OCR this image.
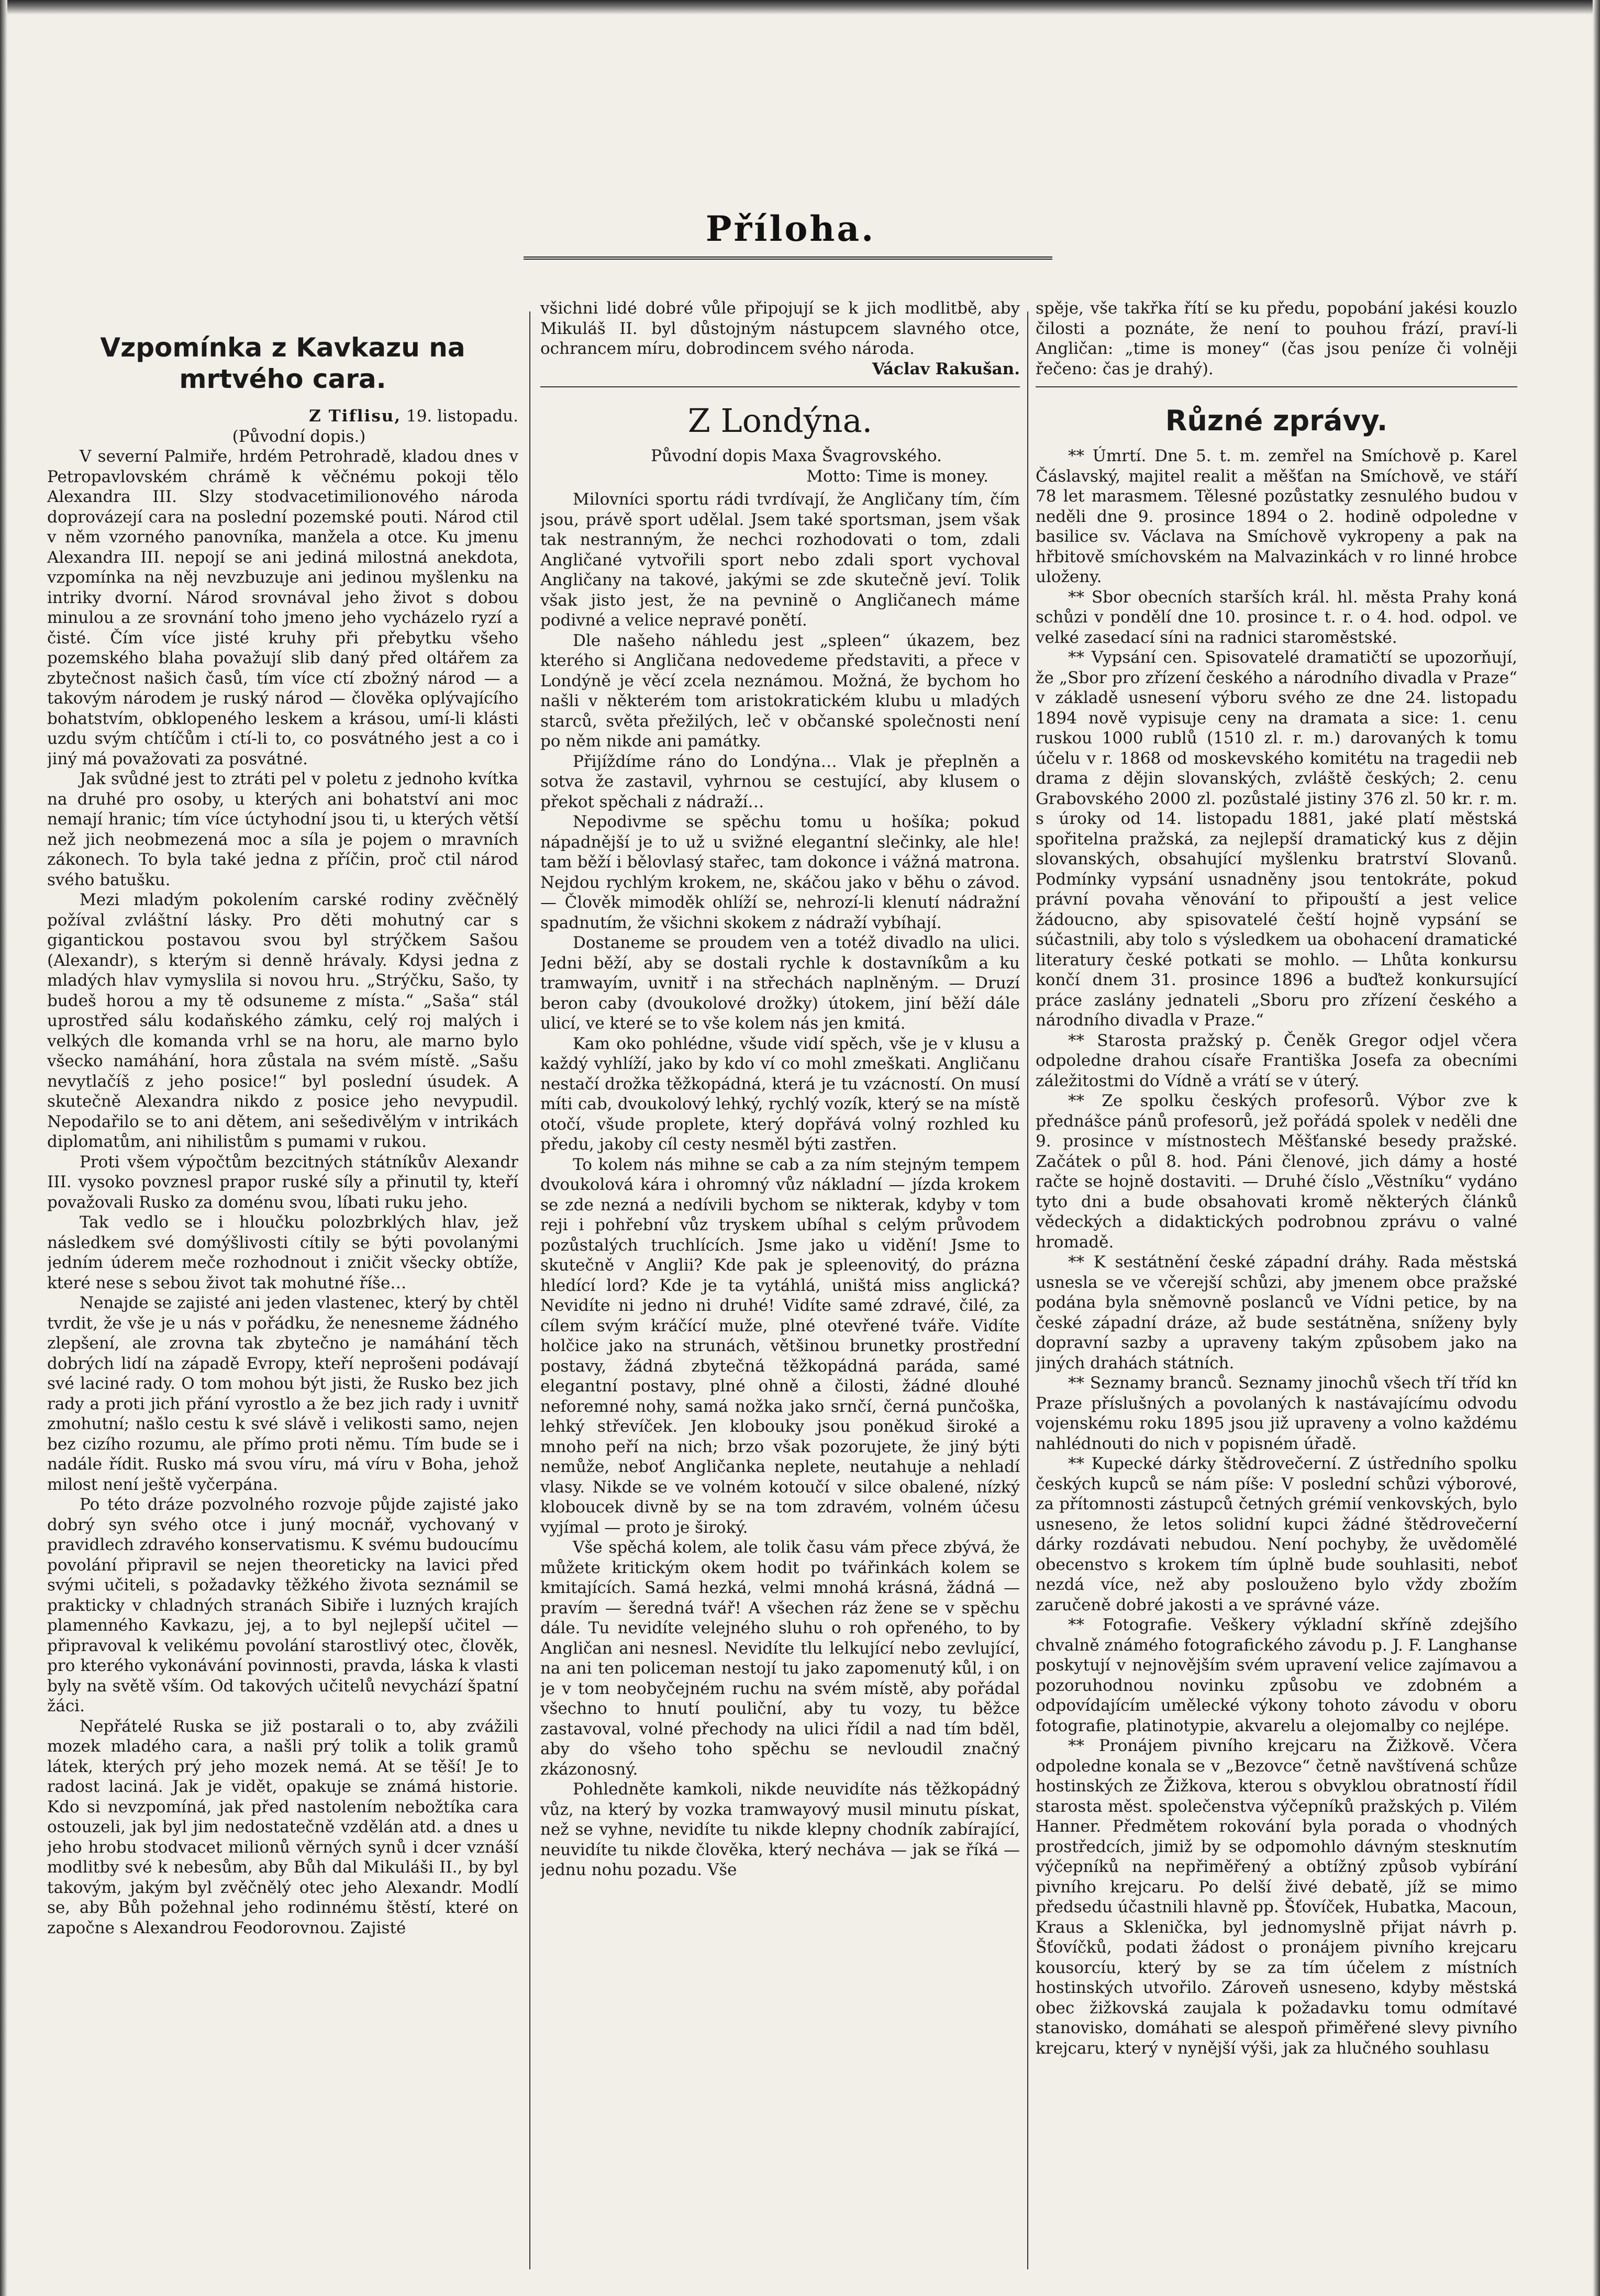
Příloha.
Vzpomínka z Kavkazu na mrtvého cara.

Z Tiflisu, 19. listopadu.

(Původní dopis.)

V severní Palmiře, hrdém Petrohradě, kladou dnes v Petropavlovském chrámě k věčnému pokoji tělo Alexandra III. Slzy stodvacetimilionového národa doprovázejí cara na poslední pozemské pouti. Národ ctil v něm vzorného panovníka, manžela a otce. Ku jmenu Alexandra III. nepojí se ani jediná milostná anekdota, vzpomínka na něj nevzbuzuje ani jedinou myšlenku na intriky dvorní. Národ srovnával jeho život s dobou minulou a ze srovnání toho jmeno jeho vycházelo ryzí a čisté. Čím více jisté kruhy při přebytku všeho pozemského blaha považují slib daný před oltářem za zbytečnost našich časů, tím více ctí zbožný národ — a takovým národem je ruský národ — člověka oplývajícího bohatstvím, obklopeného leskem a krásou, umí-li klásti uzdu svým chtíčům i ctí-li to, co posvátného jest a co i jiný má považovati za posvátné.

Jak svůdné jest to ztráti pel v poletu z jednoho kvítka na druhé pro osoby, u kterých ani bohatství ani moc nemají hranic; tím více úctyhodní jsou ti, u kterých větší než jich neobmezená moc a síla je pojem o mravních zákonech. To byla také jedna z příčin, proč ctil národ svého batušku.

Mezi mladým pokolením carské rodiny zvěčnělý požíval zvláštní lásky. Pro děti mohutný car s gigantickou postavou svou byl strýčkem Sašou (Alexandr), s kterým si denně hrávaly. Kdysi jedna z mladých hlav vymyslila si novou hru. „Strýčku, Sašo, ty budeš horou a my tě odsuneme z místa.“ „Saša“ stál uprostřed sálu kodaňského zámku, celý roj malých i velkých dle komanda vrhl se na horu, ale marno bylo všecko namáhání, hora zůstala na svém místě. „Sašu nevytlačíš z jeho posice!“ byl poslední úsudek. A skutečně Alexandra nikdo z posice jeho nevypudil. Nepodařilo se to ani dětem, ani sešedivělým v intrikách diplomatům, ani nihilistům s pumami v rukou.

Proti všem výpočtům bezcitných státníkův Alexandr III. vysoko povznesl prapor ruské síly a přinutil ty, kteří považovali Rusko za doménu svou, líbati ruku jeho.

Tak vedlo se i hloučku polozbrklých hlav, jež následkem své domýšlivosti cítily se býti povolanými jedním úderem meče rozhodnout i zničit všecky obtíže, které nese s sebou život tak mohutné říše…

Nenajde se zajisté ani jeden vlastenec, který by chtěl tvrdit, že vše je u nás v pořádku, že nenesneme žádného zlepšení, ale zrovna tak zbytečno je namáhání těch dobrých lidí na západě Evropy, kteří neprošeni podávají své laciné rady. O tom mohou být jisti, že Rusko bez jich rady a proti jich přání vyrostlo a že bez jich rady i uvnitř zmohutní; našlo cestu k své slávě i velikosti samo, nejen bez cizího rozumu, ale přímo proti němu. Tím bude se i nadále řídit. Rusko má svou víru, má víru v Boha, jehož milost není ještě vyčerpána.

Po této dráze pozvolného rozvoje půjde zajisté jako dobrý syn svého otce i juný mocnář, vychovaný v pravidlech zdravého konservatismu. K svému budoucímu povolání připravil se nejen theoreticky na lavici před svými učiteli, s požadavky těžkého života seznámil se prakticky v chladných stranách Sibiře i luzných krajích plamenného Kavkazu, jej, a to byl nejlepší učitel — připravoval k velikému povolání starostlivý otec, člověk, pro kterého vykonávání povinnosti, pravda, láska k vlasti byly na světě vším. Od takových učitelů nevychází špatní žáci.

Nepřátelé Ruska se již postarali o to, aby zvážili mozek mladého cara, a našli prý tolik a tolik gramů látek, kterých prý jeho mozek nemá. At se těší! Je to radost laciná. Jak je vidět, opakuje se známá historie. Kdo si nevzpomíná, jak před nastolením nebožtíka cara ostouzeli, jak byl jim nedostatečně vzdělán atd. a dnes u jeho hrobu stodvacet milionů věrných synů i dcer vznáší modlitby své k nebesům, aby Bůh dal Mikuláši II., by byl takovým, jakým byl zvěčnělý otec jeho Alexandr. Modlí se, aby Bůh požehnal jeho rodinnému štěstí, které on započne s Alexandrou Feodorovnou. Zajisté

všichni lidé dobré vůle připojují se k jich modlitbě, aby Mikuláš II. byl důstojným nástupcem slavného otce, ochrancem míru, dobrodincem svého národa.

Václav Rakušan.

Z Londýna.

Původní dopis Maxa Švagrovského.

Motto: Time is money.

Milovníci sportu rádi tvrdívají, že Angličany tím, čím jsou, právě sport udělal. Jsem také sportsman, jsem však tak nestranným, že nechci rozhodovati o tom, zdali Angličané vytvořili sport nebo zdali sport vychoval Angličany na takové, jakými se zde skutečně jeví. Tolik však jisto jest, že na pevnině o Angličanech máme podivné a velice nepravé ponětí.

Dle našeho náhledu jest „spleen“ úkazem, bez kterého si Angličana nedovedeme představiti, a přece v Londýně je věcí zcela neznámou. Možná, že bychom ho našli v některém tom aristokratickém klubu u mladých starců, světa přežilých, leč v občanské společnosti není po něm nikde ani památky.

Přijíždíme ráno do Londýna… Vlak je přeplněn a sotva že zastavil, vyhrnou se cestující, aby klusem o překot spěchali z nádraží…

Nepodivme se spěchu tomu u hošíka; pokud nápadnější je to už u svižné elegantní slečinky, ale hle! tam běží i bělovlasý stařec, tam dokonce i vážná matrona. Nejdou rychlým krokem, ne, skáčou jako v běhu o závod. — Člověk mimoděk ohlíží se, nehrozí-li klenutí nádražní spadnutím, že všichni skokem z nádraží vybíhají.

Dostaneme se proudem ven a totéž divadlo na ulici. Jedni běží, aby se dostali rychle k dostavníkům a ku tramwayím, uvnitř i na střechách naplněným. — Druzí beron caby (dvoukolové drožky) útokem, jiní běží dále ulicí, ve které se to vše kolem nás jen kmitá.

Kam oko pohlédne, všude vidí spěch, vše je v klusu a každý vyhlíží, jako by kdo ví co mohl zmeškati. Angličanu nestačí drožka těžkopádná, která je tu vzácností. On musí míti cab, dvoukolový lehký, rychlý vozík, který se na místě otočí, všude proplete, který dopřává volný rozhled ku předu, jakoby cíl cesty nesměl býti zastřen.

To kolem nás mihne se cab a za ním stejným tempem dvoukolová kára i ohromný vůz nákladní — jízda krokem se zde nezná a nedívili bychom se nikterak, kdyby v tom reji i pohřební vůz tryskem ubíhal s celým průvodem pozůstalých truchlících. Jsme jako u vidění! Jsme to skutečně v Anglii? Kde pak je spleenovitý, do prázna hledící lord? Kde je ta vytáhlá, uništá miss anglická? Nevidíte ni jedno ni druhé! Vidíte samé zdravé, čilé, za cílem svým kráčící muže, plné otevřené tváře. Vidíte holčice jako na strunách, většinou brunetky prostřední postavy, žádná zbytečná těžkopádná paráda, samé elegantní postavy, plné ohně a čilosti, žádné dlouhé neforemné nohy, samá nožka jako srnčí, černá punčoška, lehký střevíček. Jen klobouky jsou poněkud široké a mnoho peří na nich; brzo však pozorujete, že jiný býti nemůže, neboť Angličanka neplete, neutahuje a nehladí vlasy. Nikde se ve volném kotoučí v silce obalené, nízký kloboucek divně by se na tom zdravém, volném účesu vyjímal — proto je široký.

Vše spěchá kolem, ale tolik času vám přece zbývá, že můžete kritickým okem hodit po tvářinkách kolem se kmitajících. Samá hezká, velmi mnohá krásná, žádná — pravím — šeredná tvář! A všechen ráz žene se v spěchu dále. Tu nevidíte velejného sluhu o roh opřeného, to by Angličan ani nesnesl. Nevidíte tlu lelkující nebo zevlující, na ani ten policeman nestojí tu jako zapomenutý kůl, i on je v tom neobyčejném ruchu na svém místě, aby pořádal všechno to hnutí pouliční, aby tu vozy, tu běžce zastavoval, volné přechody na ulici řídil a nad tím bděl, aby do všeho toho spěchu se nevloudil značný zkázonosný.

Pohledněte kamkoli, nikde neuvidíte nás těžkopádný vůz, na který by vozka tramwayový musil minutu pískat, než se vyhne, nevidíte tu nikde klepny chodník zabírající, neuvidíte tu nikde člověka, který necháva — jak se říká — jednu nohu pozadu. Vše

spěje, vše takřka řítí se ku předu, popobání jakési kouzlo čilosti a poznáte, že není to pouhou frází, praví-li Angličan: „time is money“ (čas jsou peníze či volněji řečeno: čas je drahý).

Různé zprávy.

** Úmrtí. Dne 5. t. m. zemřel na Smíchově p. Karel Čáslavský, majitel realit a měšťan na Smíchově, ve stáří 78 let marasmem. Tělesné pozůstatky zesnulého budou v neděli dne 9. prosince 1894 o 2. hodině odpoledne v basilice sv. Václava na Smíchově vykropeny a pak na hřbitově smíchovském na Malvazinkách v ro linné hrobce uloženy.

** Sbor obecních starších král. hl. města Prahy koná schůzi v pondělí dne 10. prosince t. r. o 4. hod. odpol. ve velké zasedací síni na radnici staroměstské.

** Vypsání cen. Spisovatelé dramatičtí se upozorňují, že „Sbor pro zřízení českého a národního divadla v Praze“ v základě usnesení výboru svého ze dne 24. listopadu 1894 nově vypisuje ceny na dramata a sice: 1. cenu ruskou 1000 rublů (1510 zl. r. m.) darovaných k tomu účelu v r. 1868 od moskevského komitétu na tragedii neb drama z dějin slovanských, zvláště českých; 2. cenu Grabovského 2000 zl. pozůstalé jistiny 376 zl. 50 kr. r. m. s úroky od 14. listopadu 1881, jaké platí městská spořitelna pražská, za nejlepší dramatický kus z dějin slovanských, obsahující myšlenku bratrství Slovanů. Podmínky vypsání usnadněny jsou tentokráte, pokud právní povaha věnování to připouští a jest velice žádoucno, aby spisovatelé čeští hojně vypsání se súčastnili, aby tolo s výsledkem ua obohacení dramatické literatury české potkati se mohlo. — Lhůta konkursu končí dnem 31. prosince 1896 a buďtež konkursující práce zaslány jednateli „Sboru pro zřízení českého a národního divadla v Praze.“

** Starosta pražský p. Čeněk Gregor odjel včera odpoledne drahou císaře Františka Josefa za obecními záležitostmi do Vídně a vrátí se v úterý.

** Ze spolku českých profesorů. Výbor zve k přednášce pánů profesorů, jež pořádá spolek v neděli dne 9. prosince v místnostech Měšťanské besedy pražské. Začátek o půl 8. hod. Páni členové, jich dámy a hosté račte se hojně dostaviti. — Druhé číslo „Věstníku“ vydáno tyto dni a bude obsahovati kromě některých článků vědeckých a didaktických podrobnou zprávu o valné hromadě.

** K sestátnění české západní dráhy. Rada městská usnesla se ve včerejší schůzi, aby jmenem obce pražské podána byla sněmovně poslanců ve Vídni petice, by na české západní dráze, až bude sestátněna, sníženy byly dopravní sazby a upraveny takým způsobem jako na jiných drahách státních.

** Seznamy branců. Seznamy jinochů všech tří tříd kn Praze příslušných a povolaných k nastávajícímu odvodu vojenskému roku 1895 jsou již upraveny a volno každému nahlédnouti do nich v popisném úřadě.

** Kupecké dárky štědrovečerní. Z ústředního spolku českých kupců se nám píše: V poslední schůzi výborové, za přítomnosti zástupců četných grémií venkovských, bylo usneseno, že letos solidní kupci žádné štědrovečerní dárky rozdávati nebudou. Není pochyby, že uvědomělé obecenstvo s krokem tím úplně bude souhlasiti, neboť nezdá více, než aby poslouženo bylo vždy zbožím zaručeně dobré jakosti a ve správné váze.

** Fotografie. Veškery výkladní skříně zdejšího chvalně známého fotografického závodu p. J. F. Langhanse poskytují v nejnovějším svém upravení velice zajímavou a pozoruhodnou novinku způsobu ve zdobném a odpovídajícím umělecké výkony tohoto závodu v oboru fotografie, platinotypie, akvarelu a olejomalby co nejlépe.

** Pronájem pivního krejcaru na Žižkově. Včera odpoledne konala se v „Bezovce“ četně navštívená schůze hostinských ze Žižkova, kterou s obvyklou obratností řídil starosta měst. společenstva výčepníků pražských p. Vilém Hanner. Předmětem rokování byla porada o vhodných prostředcích, jimiž by se odpomohlo dávným stesknutím výčepníků na nepřiměřený a obtížný způsob vybírání pivního krejcaru. Po delší živé debatě, jíž se mimo předsedu účastnili hlavně pp. Šťovíček, Hubatka, Macoun, Kraus a Sklenička, byl jednomyslně přijat návrh p. Šťovíčků, podati žádost o pronájem pivního krejcaru kousorcíu, který by se za tím účelem z místních hostinských utvořilo. Zároveň usneseno, kdyby městská obec žižkovská zaujala k požadavku tomu odmítavé stanovisko, domáhati se alespoň přiměřené slevy pivního krejcaru, který v nynější výši, jak za hlučného souhlasu
